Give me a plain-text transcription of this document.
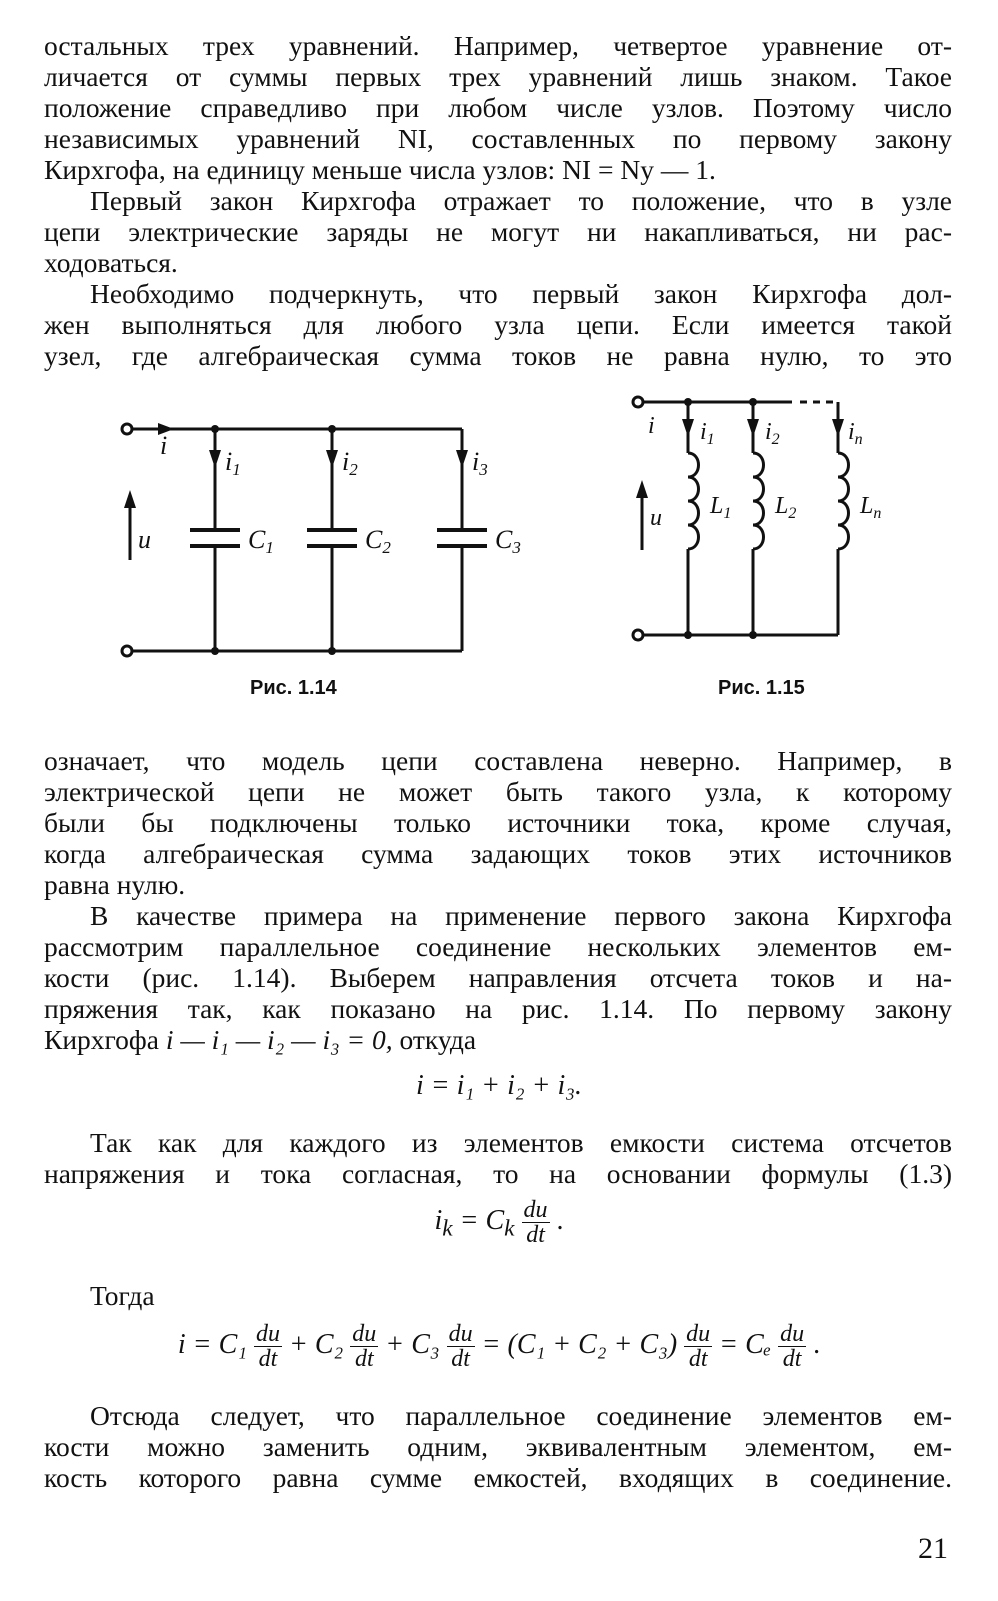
остальных трех уравнений. Например, четвертое уравнение от-
личается от суммы первых трех уравнений лишь знаком. Такое
положение справедливо при любом числе узлов. Поэтому число
независимых уравнений NΙ, составленных по первому закону
Кирхгофа, на единицу меньше числа узлов: NΙ = Nу — 1.
Первый закон Кирхгофа отражает то положение, что в узле
цепи электрические заряды не могут ни накапливаться, ни рас-
ходоваться.
Необходимо подчеркнуть, что первый закон Кирхгофа дол-
жен выполняться для любого узла цепи. Если имеется такой
узел, где алгебраическая сумма токов не равна нулю, то это
i
i1	i2	i3
u	C1	C2	C3
Рис. 1.14
i $i_1$ $i_2$	$i_n$
u $L_1$ $L_2$	$L_n$
Рис. 1.15
означает, что модель цепи составлена неверно. Например, в
электрической цепи не может быть такого узла, к которому
были бы подключены только источники тока, кроме случая,
когда алгебраическая сумма задающих токов этих источников
равна нулю.
В качестве примера на применение первого закона Кирхгофа
рассмотрим параллельное соединение нескольких элементов ем-
кости (рис. 1.14). Выберем направления отсчета токов и на-
пряжения так, как показано на рис. 1.14. По первому закону
Кирхгофа i — i₁ — i₂ — i₃ = 0, откуда
i = i₁ + i₂ + i₃.
Так как для каждого из элементов емкости система отсчетов
напряжения и тока согласная, то на основании формулы (1.3)
$i_k = C_k \frac{du}{dt}$ .
Тогда
$i = C_1 \frac{du}{dt} + C_2 \frac{du}{dt} + C_3 \frac{du}{dt} = (C_1 + C_2 + C_3) \frac{du}{dt} = C_e \frac{du}{dt}$ .
Отсюда следует, что параллельное соединение элементов ем-
кости можно заменить одним, эквивалентным элементом, ем-
кость которого равна сумме емкостей, входящих в соединение.
21
